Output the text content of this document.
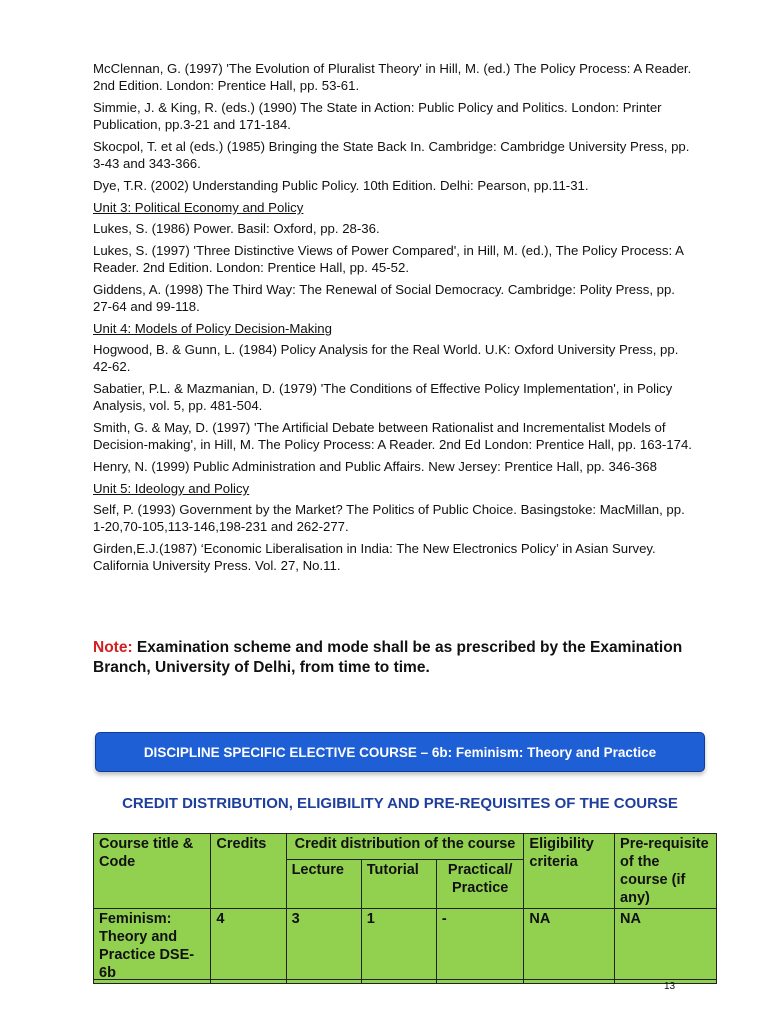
McClennan, G. (1997) 'The Evolution of Pluralist Theory' in Hill, M. (ed.) The Policy Process: A Reader. 2nd Edition. London: Prentice Hall, pp. 53-61.

Simmie, J. & King, R. (eds.) (1990) The State in Action: Public Policy and Politics. London: Printer Publication, pp.3-21 and 171-184.

Skocpol, T. et al (eds.) (1985) Bringing the State Back In. Cambridge: Cambridge University Press, pp. 3-43 and 343-366.

Dye, T.R. (2002) Understanding Public Policy. 10th Edition. Delhi: Pearson, pp.11-31.

Unit 3: Political Economy and Policy

Lukes, S. (1986) Power. Basil: Oxford, pp. 28-36.

Lukes, S. (1997) 'Three Distinctive Views of Power Compared', in Hill, M. (ed.), The Policy Process: A Reader. 2nd Edition. London: Prentice Hall, pp. 45-52.

Giddens, A. (1998) The Third Way: The Renewal of Social Democracy. Cambridge: Polity Press, pp. 27-64 and 99-118.

Unit 4: Models of Policy Decision-Making

Hogwood, B. & Gunn, L. (1984) Policy Analysis for the Real World. U.K: Oxford University Press, pp. 42-62.

Sabatier, P.L. & Mazmanian, D. (1979) 'The Conditions of Effective Policy Implementation', in Policy Analysis, vol. 5, pp. 481-504.

Smith, G. & May, D. (1997) 'The Artificial Debate between Rationalist and Incrementalist Models of Decision-making', in Hill, M. The Policy Process: A Reader. 2nd Ed London: Prentice Hall, pp. 163-174.

Henry, N. (1999) Public Administration and Public Affairs. New Jersey: Prentice Hall, pp. 346-368

Unit 5: Ideology and Policy

Self, P. (1993) Government by the Market? The Politics of Public Choice. Basingstoke: MacMillan, pp. 1-20,70-105,113-146,198-231 and 262-277.

Girden,E.J.(1987) ‘Economic Liberalisation in India: The New Electronics Policy’ in Asian Survey. California University Press. Vol. 27, No.11.

Note: Examination scheme and mode shall be as prescribed by the Examination Branch, University of Delhi, from time to time.
DISCIPLINE SPECIFIC ELECTIVE COURSE – 6b: Feminism: Theory and Practice
CREDIT DISTRIBUTION, ELIGIBILITY AND PRE-REQUISITES OF THE COURSE
Course title & Code	Credits	Credit distribution of the course			Eligibility criteria	Pre-requisite of the course (if any)
		Lecture	Tutorial	Practical/ Practice		
Feminism: Theory and Practice DSE-6b	4	3	1	-	NA	NA
13
